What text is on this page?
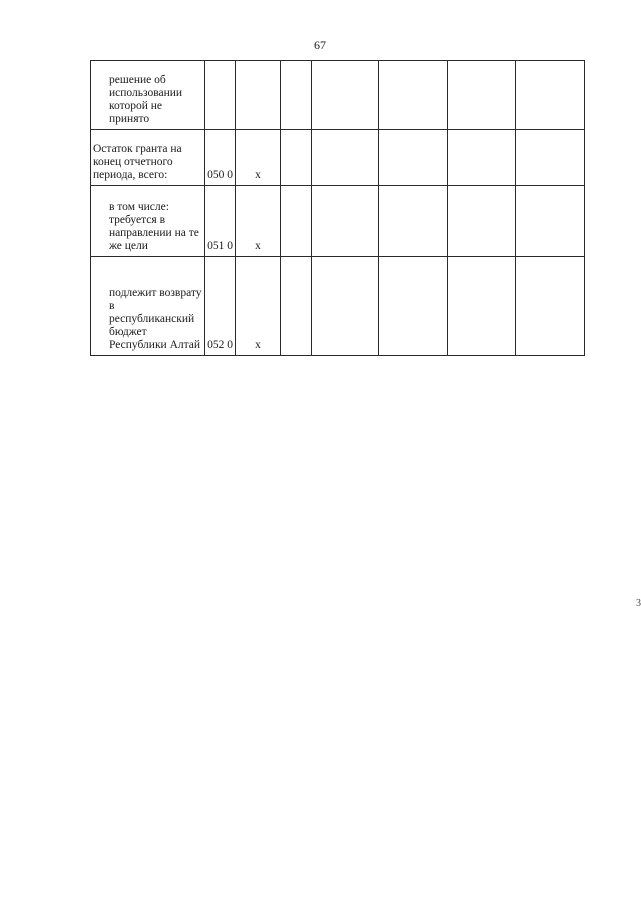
67
решение об использовании которой не принято							
Остаток гранта на конец отчетного периода, всего:	050 0	x					
в том числе: требуется в направлении на те же цели	051 0	x					
подлежит возврату в республиканский бюджет Республики Алтай	052 0	x					
3
